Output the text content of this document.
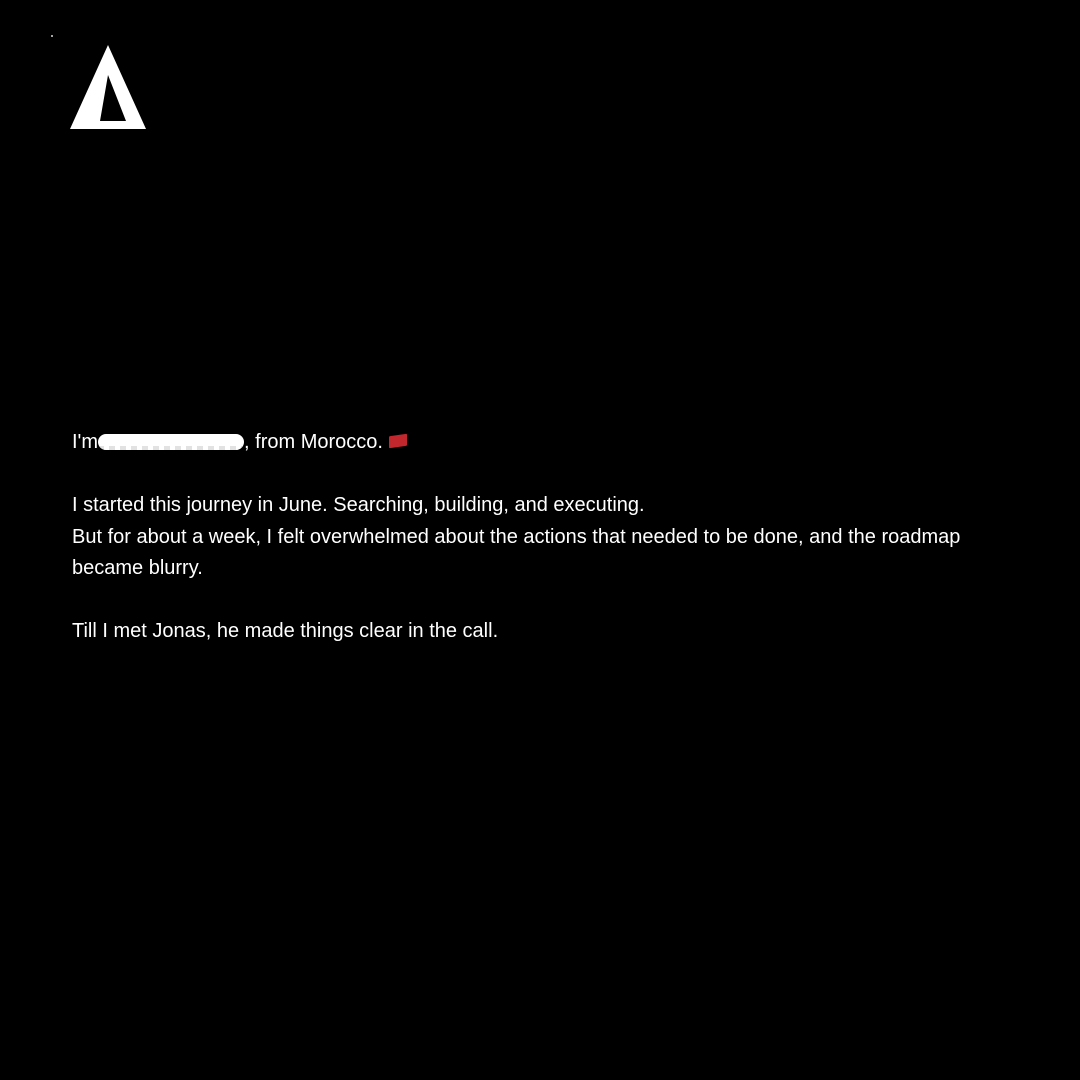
I'm	, from Morocco.

I started this journey in June. Searching, building, and executing.
But for about a week, I felt overwhelmed about the actions that needed to be done, and the roadmap became blurry.

Till I met Jonas, he made things clear in the call.
